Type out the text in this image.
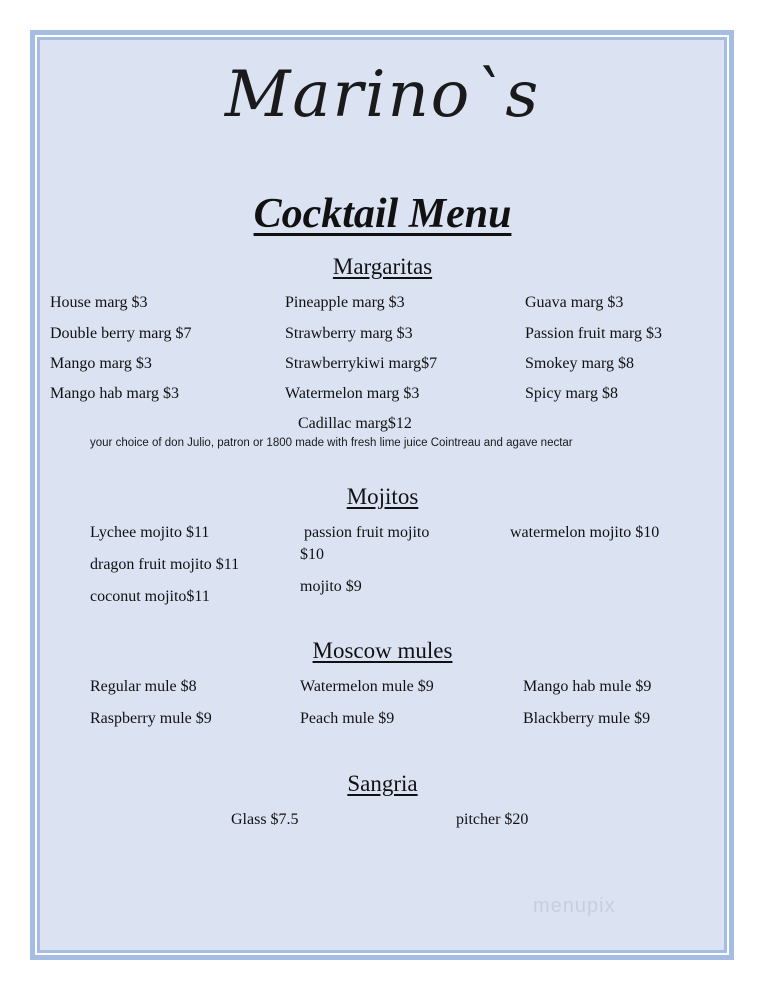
Marino`s
Cocktail Menu
Margaritas
House marg $3
Double berry marg $7
Mango marg $3
Mango hab marg $3
Pineapple marg $3
Strawberry marg $3
Strawberrykiwi marg$7
Watermelon marg $3
Guava marg $3
Passion fruit marg $3
Smokey marg $8
Spicy marg $8
Cadillac marg$12
your choice of don Julio, patron or 1800 made with fresh lime juice Cointreau and agave nectar
Mojitos
Lychee mojito $11
dragon fruit mojito $11
coconut mojito$11
passion fruit mojito
$10
mojito $9
watermelon mojito $10
Moscow mules
Regular mule $8
Raspberry mule $9
Watermelon mule $9
Peach mule $9
Mango hab mule $9
Blackberry mule $9
Sangria
Glass $7.5	pitcher $20
menupix
